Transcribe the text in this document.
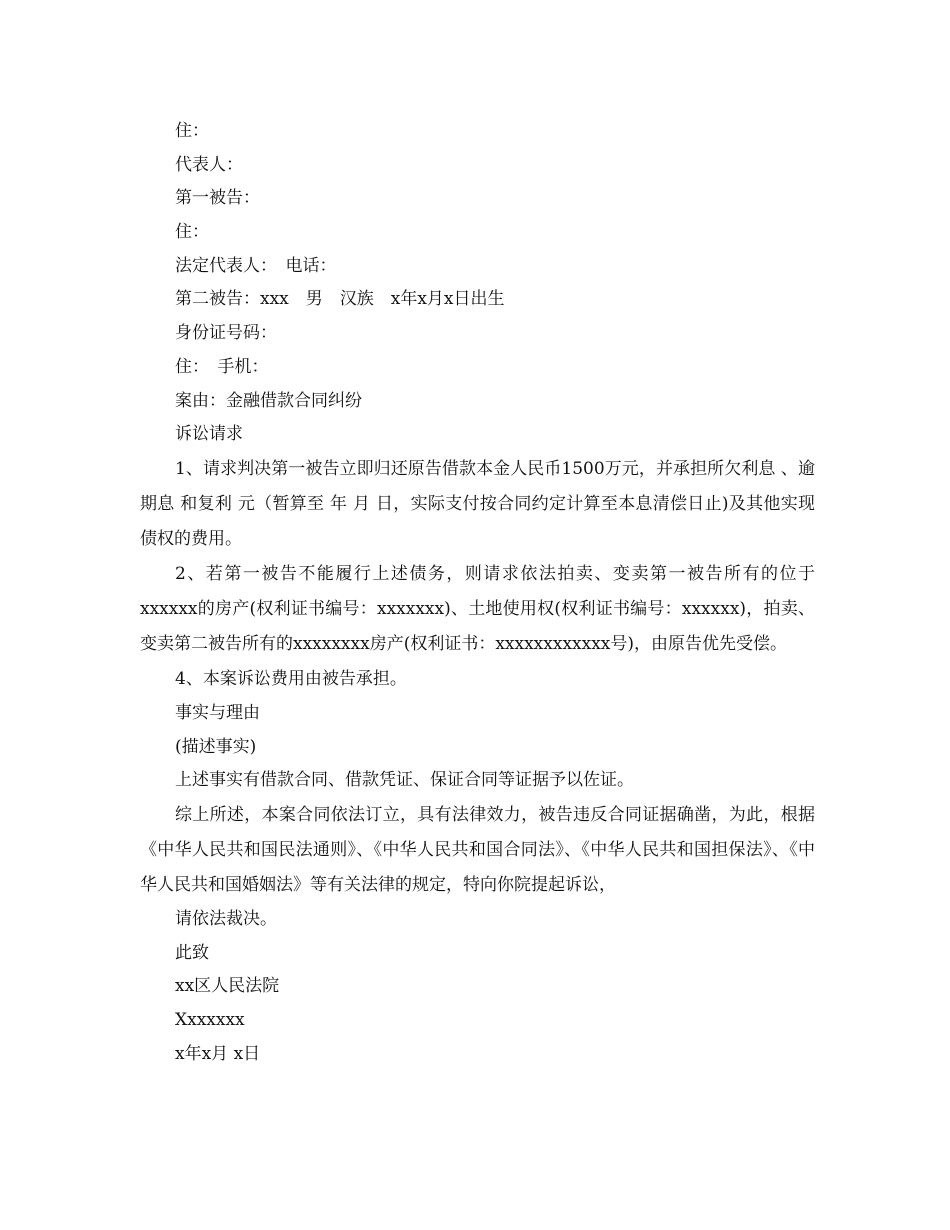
住：
代表人：
第一被告：
住：
法定代表人：　电话：
第二被告：xxx　男　汉族　x年x月x日出生
身份证号码：
住：　手机：
案由：金融借款合同纠纷
诉讼请求

1、请求判决第一被告立即归还原告借款本金人民币1500万元，并承担所欠利息 、逾期息 和复利 元（暂算至 年 月 日，实际支付按合同约定计算至本息清偿日止)及其他实现债权的费用。

2、若第一被告不能履行上述债务，则请求依法拍卖、变卖第一被告所有的位于xxxxxx的房产(权利证书编号：xxxxxxx)、土地使用权(权利证书编号：xxxxxx)，拍卖、变卖第二被告所有的xxxxxxxx房产(权利证书：xxxxxxxxxxxx号)，由原告优先受偿。

4、本案诉讼费用由被告承担。

事实与理由
(描述事实)
上述事实有借款合同、借款凭证、保证合同等证据予以佐证。

综上所述，本案合同依法订立，具有法律效力，被告违反合同证据确凿，为此，根据《中华人民共和国民法通则》、《中华人民共和国合同法》、《中华人民共和国担保法》、《中华人民共和国婚姻法》等有关法律的规定，特向你院提起诉讼，

请依法裁决。
此致
xx区人民法院
Xxxxxxx
x年x月 x日
